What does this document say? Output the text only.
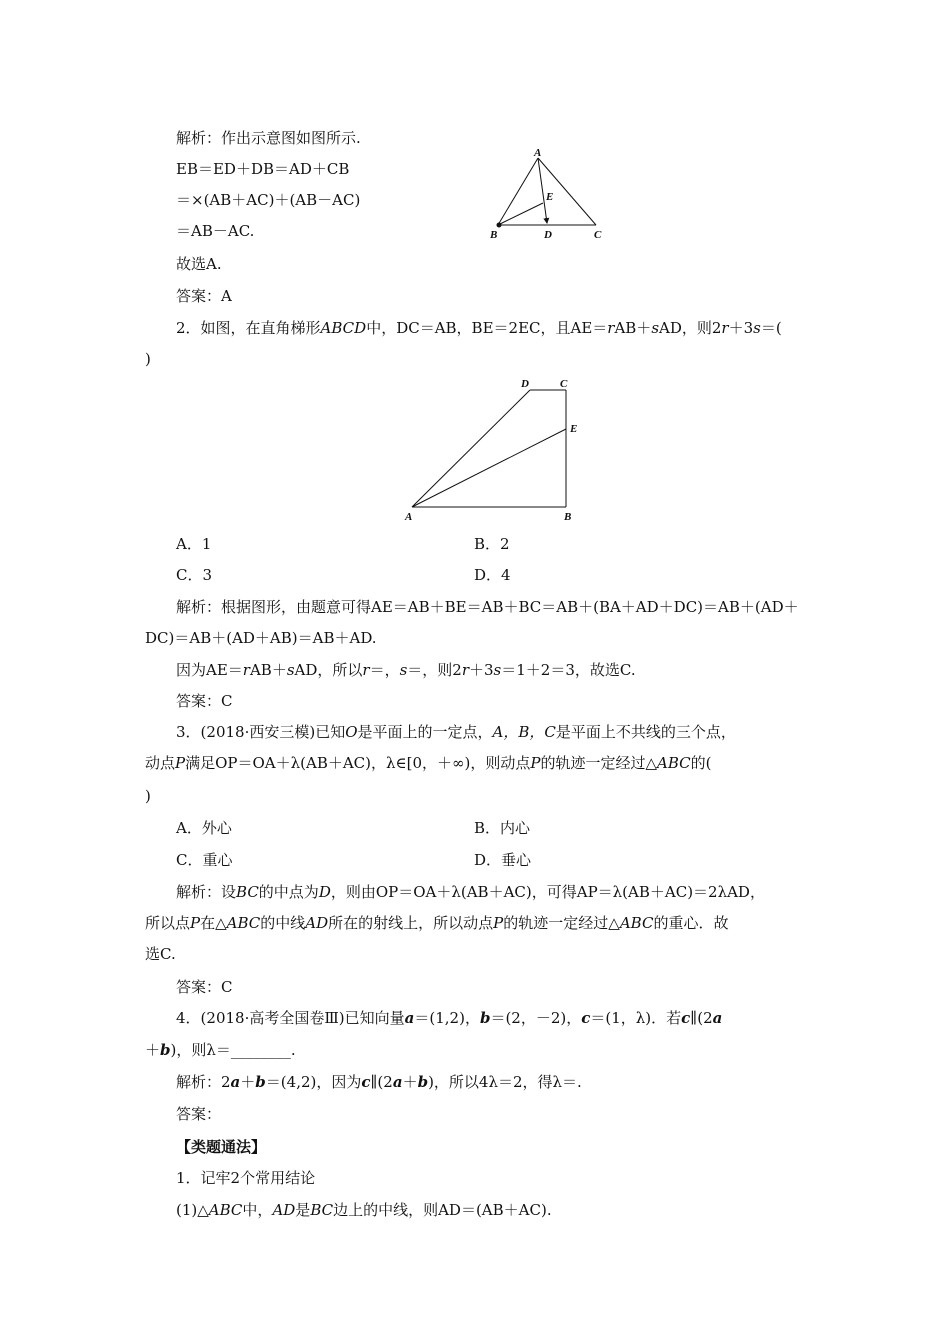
解析：作出示意图如图所示.
EB＝ED＋DB＝AD＋CB
＝×(AB＋AC)＋(AB－AC)
＝AB－AC.
故选A.
答案：A
A
E
B	D	C
2．如图，在直角梯形ABCD中，DC＝AB，BE＝2EC，且AE＝rAB＋sAD，则2r＋3s＝(
)
D	C
E
A	B
A．1	B．2
C．3	D．4
解析：根据图形，由题意可得AE＝AB＋BE＝AB＋BC＝AB＋(BA＋AD＋DC)＝AB＋(AD＋
DC)＝AB＋(AD＋AB)＝AB＋AD.
因为AE＝rAB＋sAD，所以r＝，s＝，则2r＋3s＝1＋2＝3，故选C.
答案：C
3．(2018·西安三模)已知O是平面上的一定点，A，B，C是平面上不共线的三个点，
动点P满足OP＝OA＋λ(AB＋AC)，λ∈[0，＋∞)，则动点P的轨迹一定经过△ABC的(
)
A．外心	B．内心
C．重心	D．垂心
解析：设BC的中点为D，则由OP＝OA＋λ(AB＋AC)，可得AP＝λ(AB＋AC)＝2λAD，
所以点P在△ABC的中线AD所在的射线上，所以动点P的轨迹一定经过△ABC的重心．故
选C.
答案：C
4．(2018·高考全国卷Ⅲ)已知向量a＝(1,2)，b＝(2，－2)，c＝(1，λ)．若c∥(2a
＋b)，则λ＝________.
解析：2a＋b＝(4,2)，因为c∥(2a＋b)，所以4λ＝2，得λ＝.
答案：
【类题通法】
1．记牢2个常用结论
(1)△ABC中，AD是BC边上的中线，则AD＝(AB＋AC).
